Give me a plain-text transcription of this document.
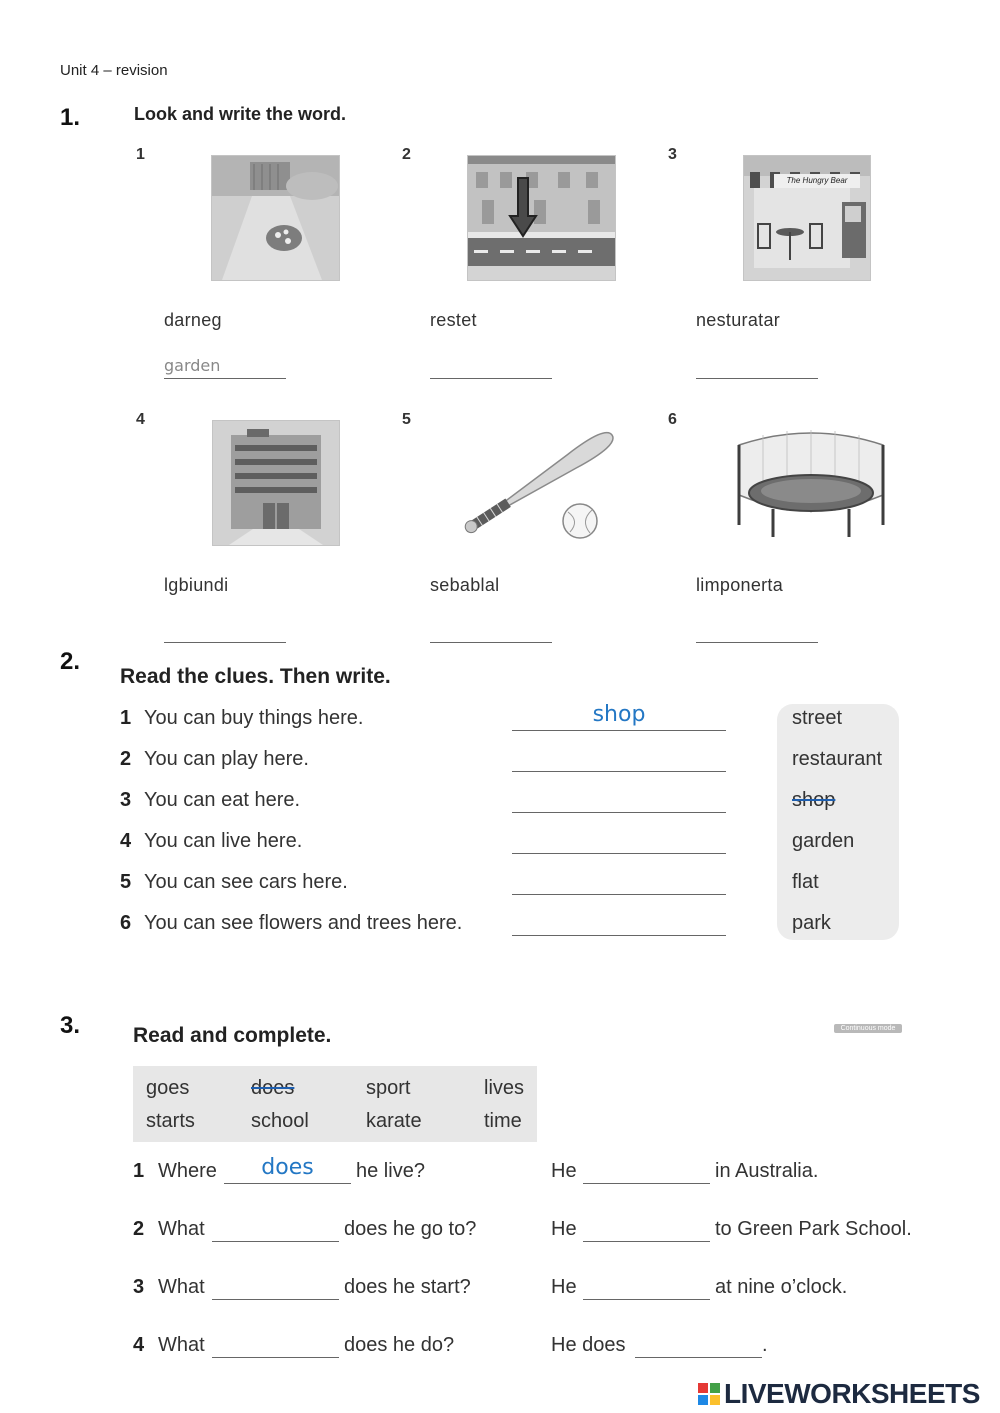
Unit 4 – revision
1.	Look and write the word.
1	2	3
The Hungry Bear
darneg	restet	nesturatar
garden
4	5	6
lgbiundi	sebablal	limponerta
2.
Read the clues. Then write.
1 You can buy things here.
shop	street
2 You can play here.	restaurant
3 You can eat here.	shop
4 You can live here.	garden
5 You can see cars here.	flat
6 You can see flowers and trees here.	park
3.	Read and complete.	Continuous mode
goes	does	sport	lives
starts	school	karate	time
1 Where
does	he live?	He	in Australia.
2 What	does he go to?	He	to Green Park School.
3 What	does he start?	He	at nine o’clock.
4 What	does he do?	He does	.
LIVEWORKSHEETS
